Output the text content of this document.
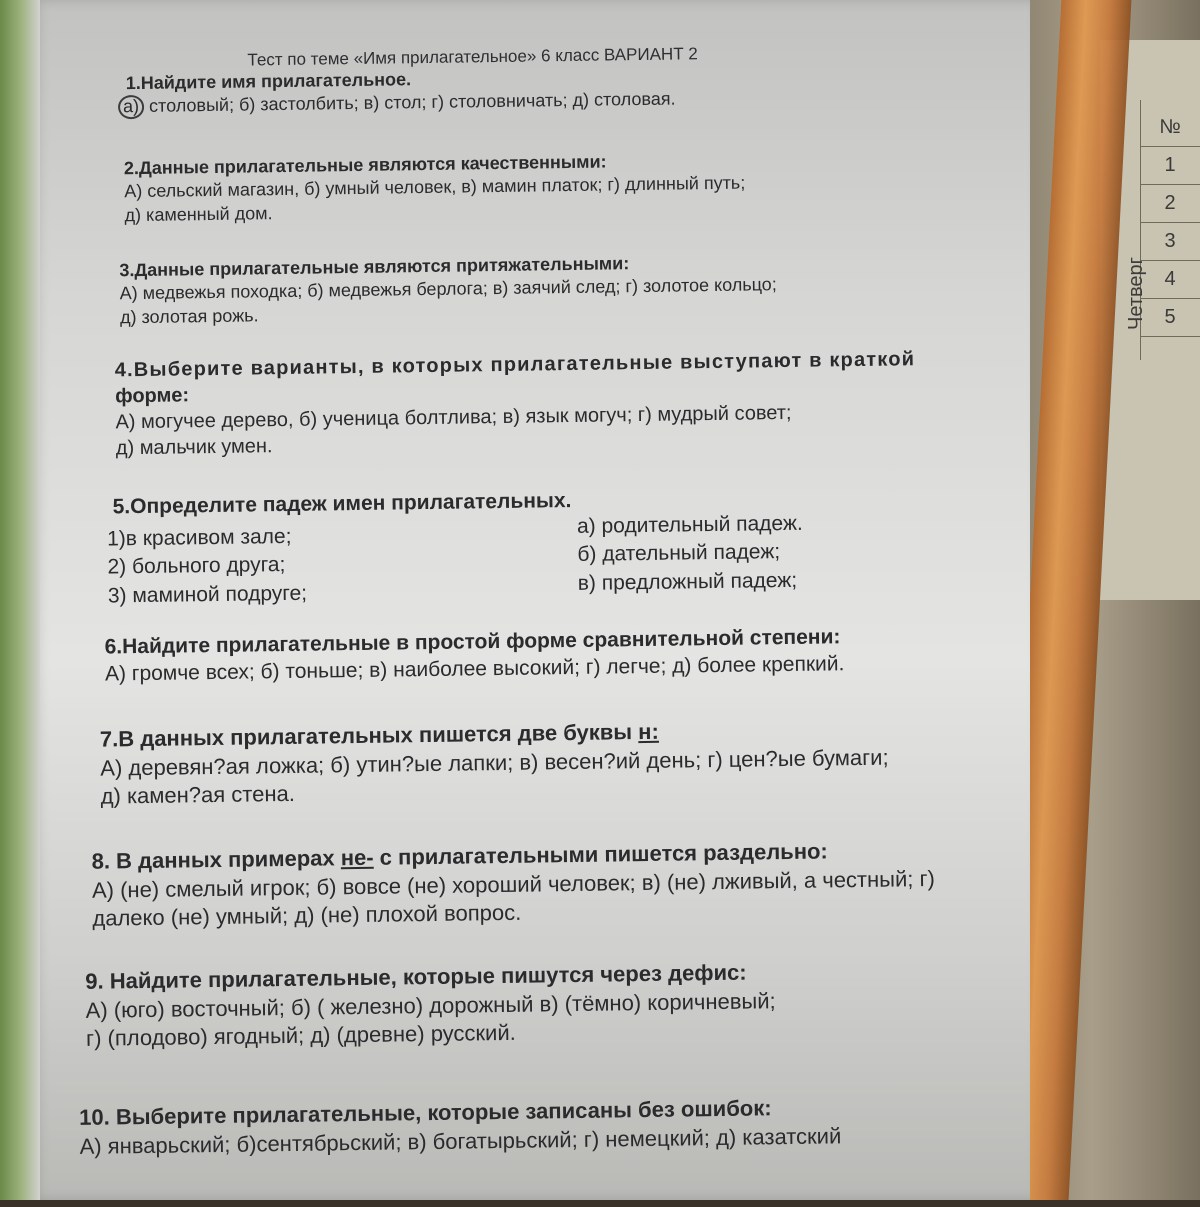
№
1
2
3
4
5
Четверг
Тест по теме «Имя прилагательное» 6 класс ВАРИАНТ 2
1.Найдите имя прилагательное.
а) столовый; б) застолбить; в) стол; г) столовничать; д) столовая.
2.Данные прилагательные являются качественными:
А) сельский магазин, б) умный человек, в) мамин платок; г) длинный путь;
д) каменный дом.
3.Данные прилагательные являются притяжательными:
А) медвежья походка; б) медвежья берлога; в) заячий след; г) золотое кольцо;
д) золотая рожь.
4.Выберите варианты, в которых прилагательные выступают в краткой
форме:
А) могучее дерево, б) ученица болтлива; в) язык могуч; г) мудрый совет;
д) мальчик умен.
5.Определите падеж имен прилагательных.
1)в красивом зале;
2) больного друга;
3) маминой подруге;
а) родительный падеж.
б) дательный падеж;
в) предложный падеж;
6.Найдите прилагательные в простой форме сравнительной степени:
А) громче всех; б) тоньше; в) наиболее высокий; г) легче; д) более крепкий.
7.В данных прилагательных пишется две буквы н:
А) деревян?ая ложка; б) утин?ые лапки; в) весен?ий день; г) цен?ые бумаги;
д) камен?ая стена.
8. В данных примерах не- с прилагательными пишется раздельно:
А) (не) смелый игрок; б) вовсе (не) хороший человек; в) (не) лживый, а честный; г)
далеко (не) умный; д) (не) плохой вопрос.
9. Найдите прилагательные, которые пишутся через дефис:
А) (юго) восточный; б) ( железно) дорожный в) (тёмно) коричневый;
г) (плодово) ягодный; д) (древне) русский.
10. Выберите прилагательные, которые записаны без ошибок:
А) январьский; б)сентябрьский; в) богатырьский; г) немецкий; д) казатский
